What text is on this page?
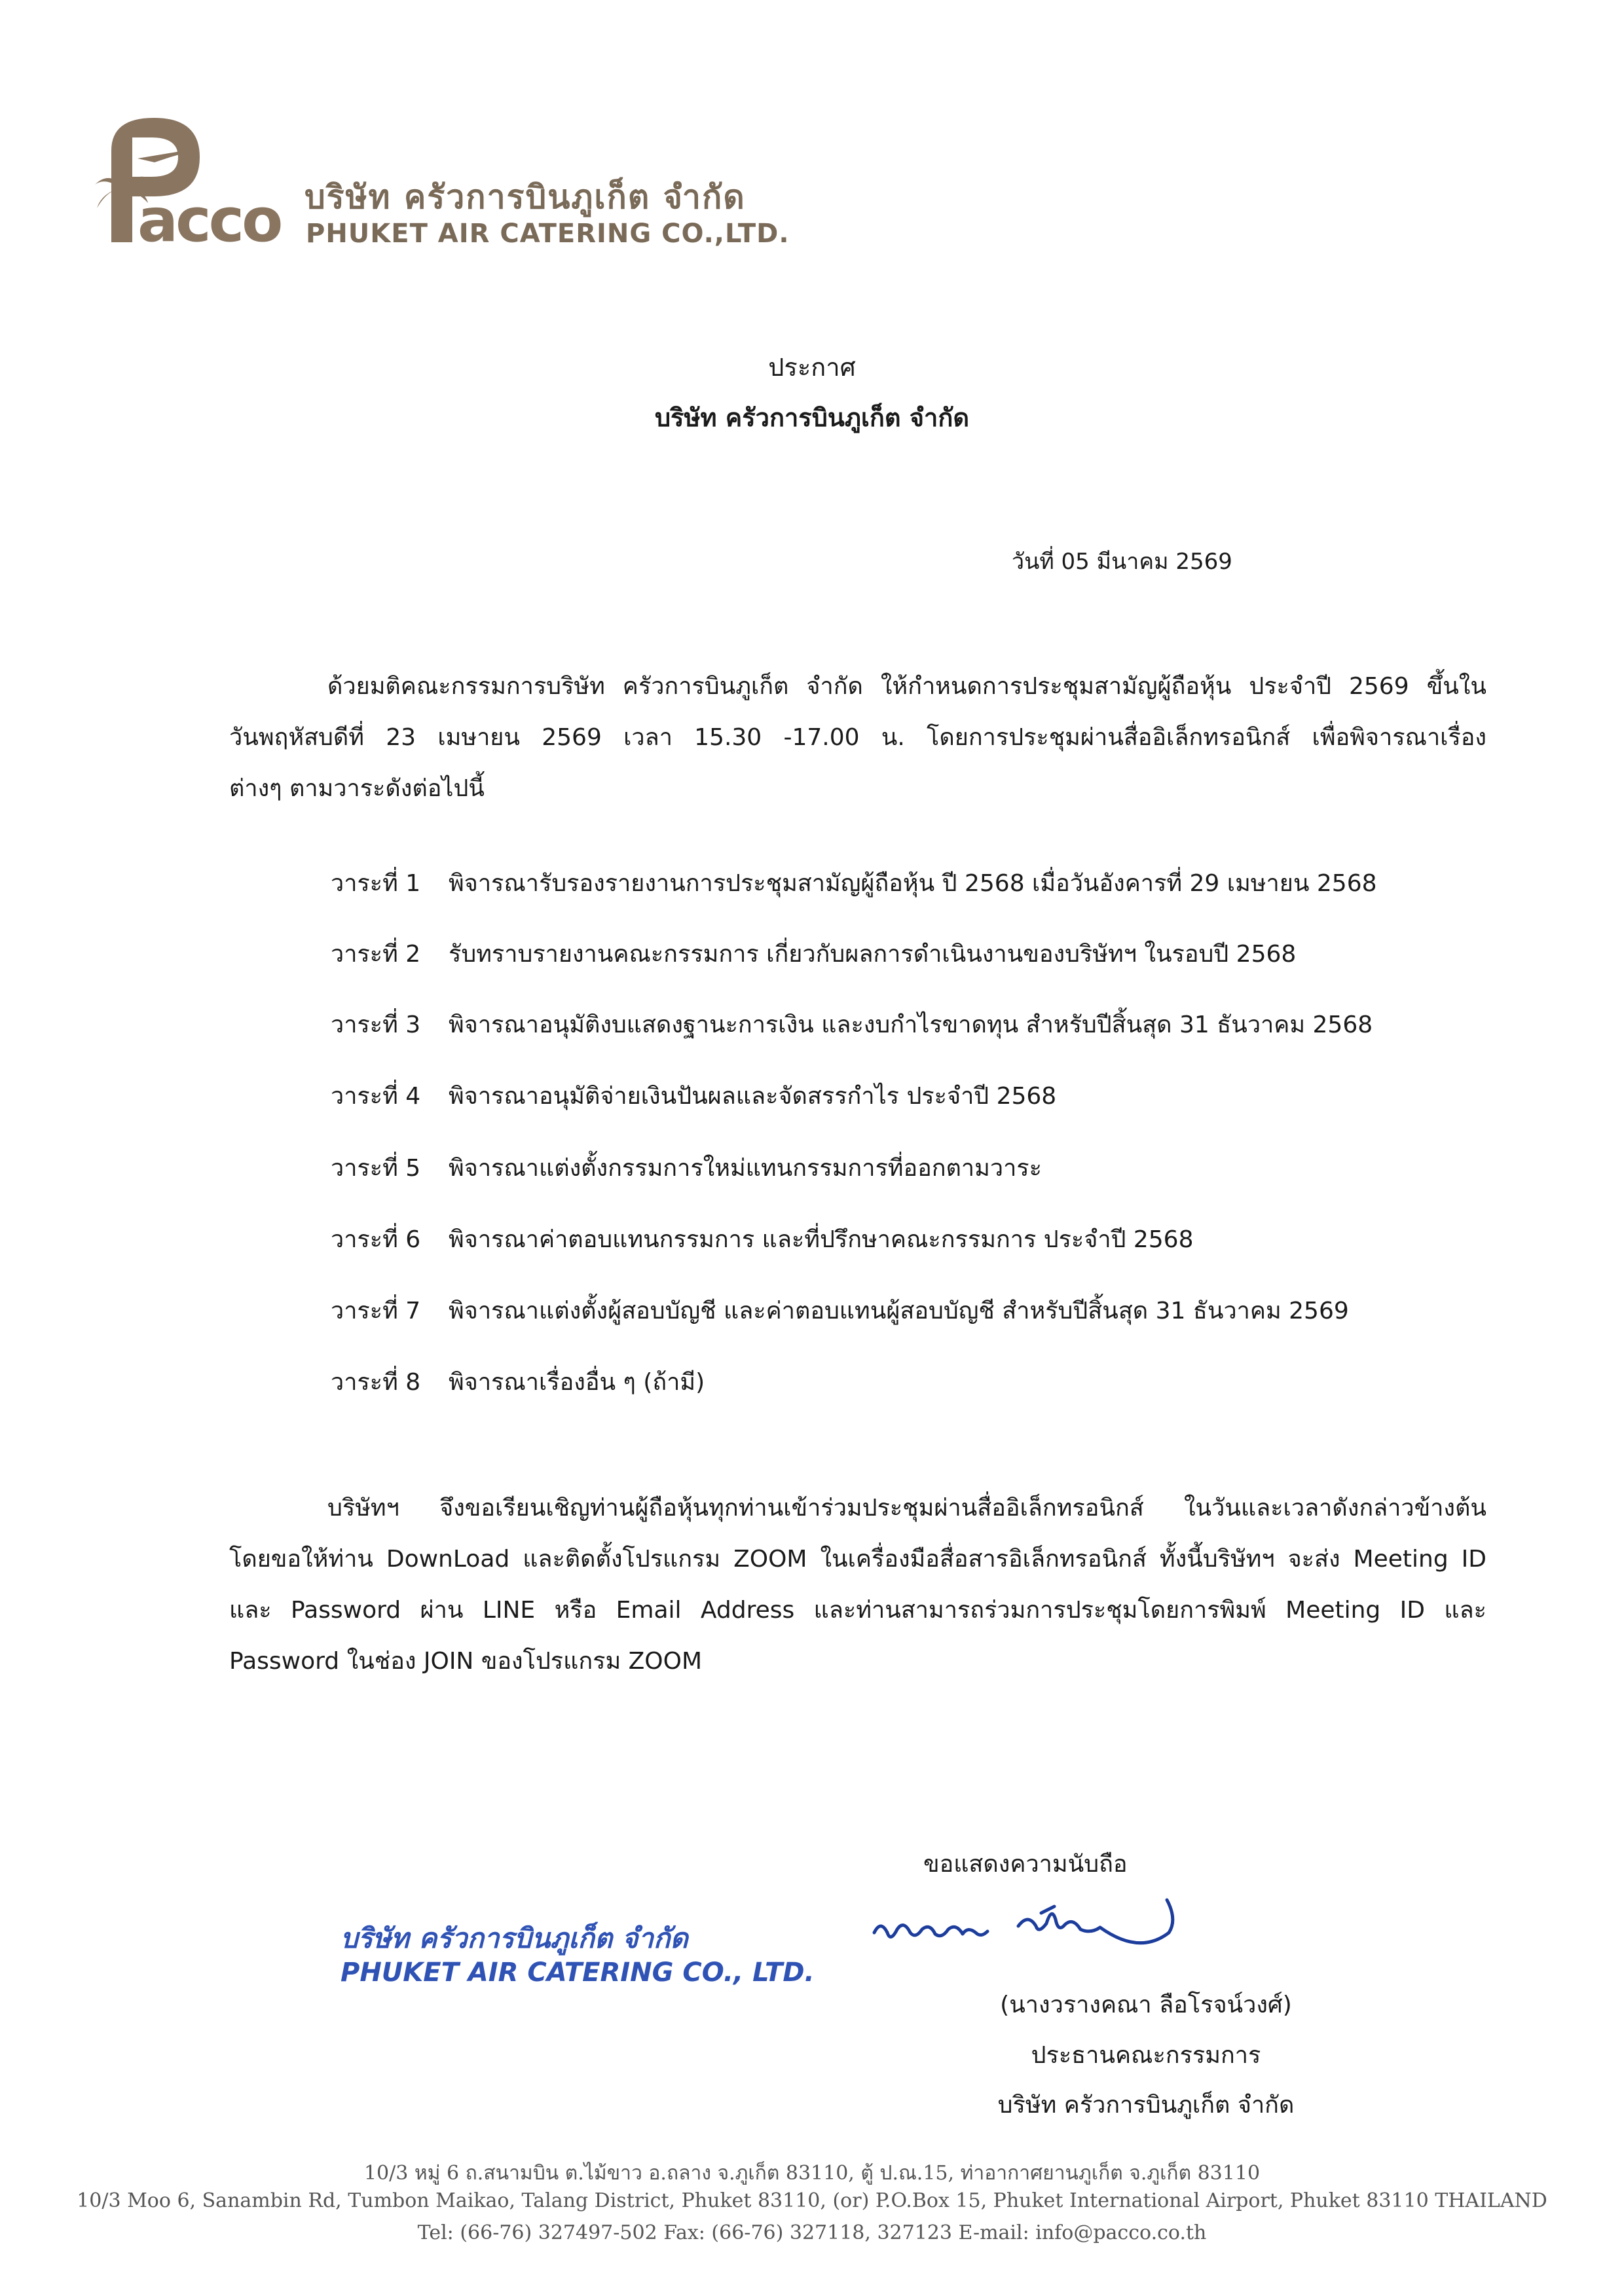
acco บริษัท ครัวการบินภูเก็ต จำกัด
PHUKET AIR CATERING CO.,LTD.
ประกาศ
บริษัท ครัวการบินภูเก็ต จำกัด
วันที่ 05 มีนาคม 2569
ด้วยมติคณะกรรมการบริษัท ครัวการบินภูเก็ต จำกัด ให้กำหนดการประชุมสามัญผู้ถือหุ้น ประจำปี 2569 ขึ้นใน
วันพฤหัสบดีที่ 23 เมษายน 2569 เวลา 15.30 -17.00 น. โดยการประชุมผ่านสื่ออิเล็กทรอนิกส์ เพื่อพิจารณาเรื่อง
ต่างๆ ตามวาระดังต่อไปนี้
วาระที่ 1 พิจารณารับรองรายงานการประชุมสามัญผู้ถือหุ้น ปี 2568 เมื่อวันอังคารที่ 29 เมษายน 2568
วาระที่ 2 รับทราบรายงานคณะกรรมการ เกี่ยวกับผลการดำเนินงานของบริษัทฯ ในรอบปี 2568
วาระที่ 3 พิจารณาอนุมัติงบแสดงฐานะการเงิน และงบกำไรขาดทุน สำหรับปีสิ้นสุด 31 ธันวาคม 2568
วาระที่ 4 พิจารณาอนุมัติจ่ายเงินปันผลและจัดสรรกำไร ประจำปี 2568
วาระที่ 5 พิจารณาแต่งตั้งกรรมการใหม่แทนกรรมการที่ออกตามวาระ
วาระที่ 6 พิจารณาค่าตอบแทนกรรมการ และที่ปรึกษาคณะกรรมการ ประจำปี 2568
วาระที่ 7 พิจารณาแต่งตั้งผู้สอบบัญชี และค่าตอบแทนผู้สอบบัญชี สำหรับปีสิ้นสุด 31 ธันวาคม 2569
วาระที่ 8 พิจารณาเรื่องอื่น ๆ (ถ้ามี)
บริษัทฯ จึงขอเรียนเชิญท่านผู้ถือหุ้นทุกท่านเข้าร่วมประชุมผ่านสื่ออิเล็กทรอนิกส์ ในวันและเวลาดังกล่าวข้างต้น
โดยขอให้ท่าน DownLoad และติดตั้งโปรแกรม ZOOM ในเครื่องมือสื่อสารอิเล็กทรอนิกส์ ทั้งนี้บริษัทฯ จะส่ง Meeting ID
และ Password ผ่าน LINE หรือ Email Address และท่านสามารถร่วมการประชุมโดยการพิมพ์ Meeting ID และ
Password ในช่อง JOIN ของโปรแกรม ZOOM
ขอแสดงความนับถือ
(นางวรางคณา ลือโรจน์วงศ์)
ประธานคณะกรรมการ
บริษัท ครัวการบินภูเก็ต จำกัด
บริษัท ครัวการบินภูเก็ต จำกัด
PHUKET AIR CATERING CO., LTD.
10/3 หมู่ 6 ถ.สนามบิน ต.ไม้ขาว อ.ถลาง จ.ภูเก็ต 83110, ตู้ ป.ณ.15, ท่าอากาศยานภูเก็ต จ.ภูเก็ต 83110
10/3 Moo 6, Sanambin Rd, Tumbon Maikao, Talang District, Phuket 83110, (or) P.O.Box 15, Phuket International Airport, Phuket 83110 THAILAND
Tel: (66-76) 327497-502 Fax: (66-76) 327118, 327123 E-mail: info@pacco.co.th
